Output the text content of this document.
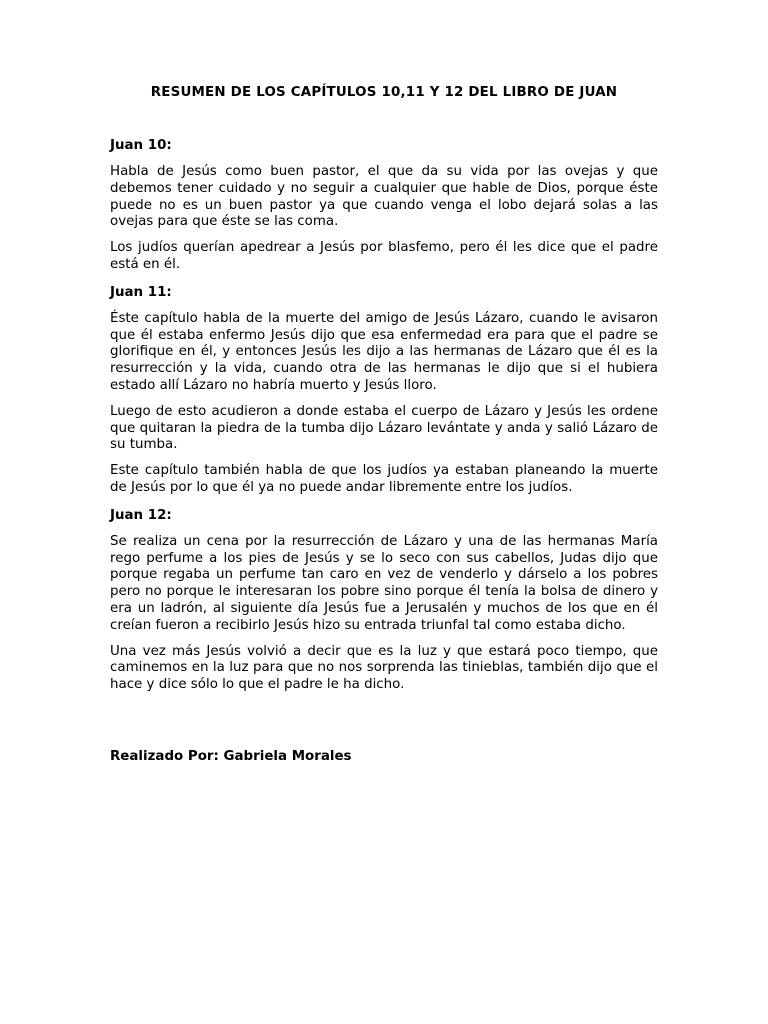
RESUMEN DE LOS CAPÍTULOS 10,11 Y 12 DEL LIBRO DE JUAN
Juan 10:

Habla de Jesús como buen pastor, el que da su vida por las ovejas y que debemos tener cuidado y no seguir a cualquier que hable de Dios, porque éste puede no es un buen pastor ya que cuando venga el lobo dejará solas a las ovejas para que éste se las coma.

Los judíos querían apedrear a Jesús por blasfemo, pero él les dice que el padre está en él.

Juan 11:

Éste capítulo habla de la muerte del amigo de Jesús Lázaro, cuando le avisaron que él estaba enfermo Jesús dijo que esa enfermedad era para que el padre se glorifique en él, y entonces Jesús les dijo a las hermanas de Lázaro que él es la resurrección y la vida, cuando otra de las hermanas le dijo que si el hubiera estado allí Lázaro no habría muerto y Jesús lloro.

Luego de esto acudieron a donde estaba el cuerpo de Lázaro y Jesús les ordene que quitaran la piedra de la tumba dijo Lázaro levántate y anda y salió Lázaro de su tumba.

Este capítulo también habla de que los judíos ya estaban planeando la muerte de Jesús por lo que él ya no puede andar libremente entre los judíos.

Juan 12:

Se realiza un cena por la resurrección de Lázaro y una de las hermanas María rego perfume a los pies de Jesús y se lo seco con sus cabellos, Judas dijo que porque regaba un perfume tan caro en vez de venderlo y dárselo a los pobres pero no porque le interesaran los pobre sino porque él tenía la bolsa de dinero y era un ladrón, al siguiente día Jesús fue a Jerusalén y muchos de los que en él creían fueron a recibirlo Jesús hizo su entrada triunfal tal como estaba dicho.

Una vez más Jesús volvió a decir que es la luz y que estará poco tiempo, que caminemos en la luz para que no nos sorprenda las tinieblas, también dijo que el hace y dice sólo lo que el padre le ha dicho.

Realizado Por: Gabriela Morales
